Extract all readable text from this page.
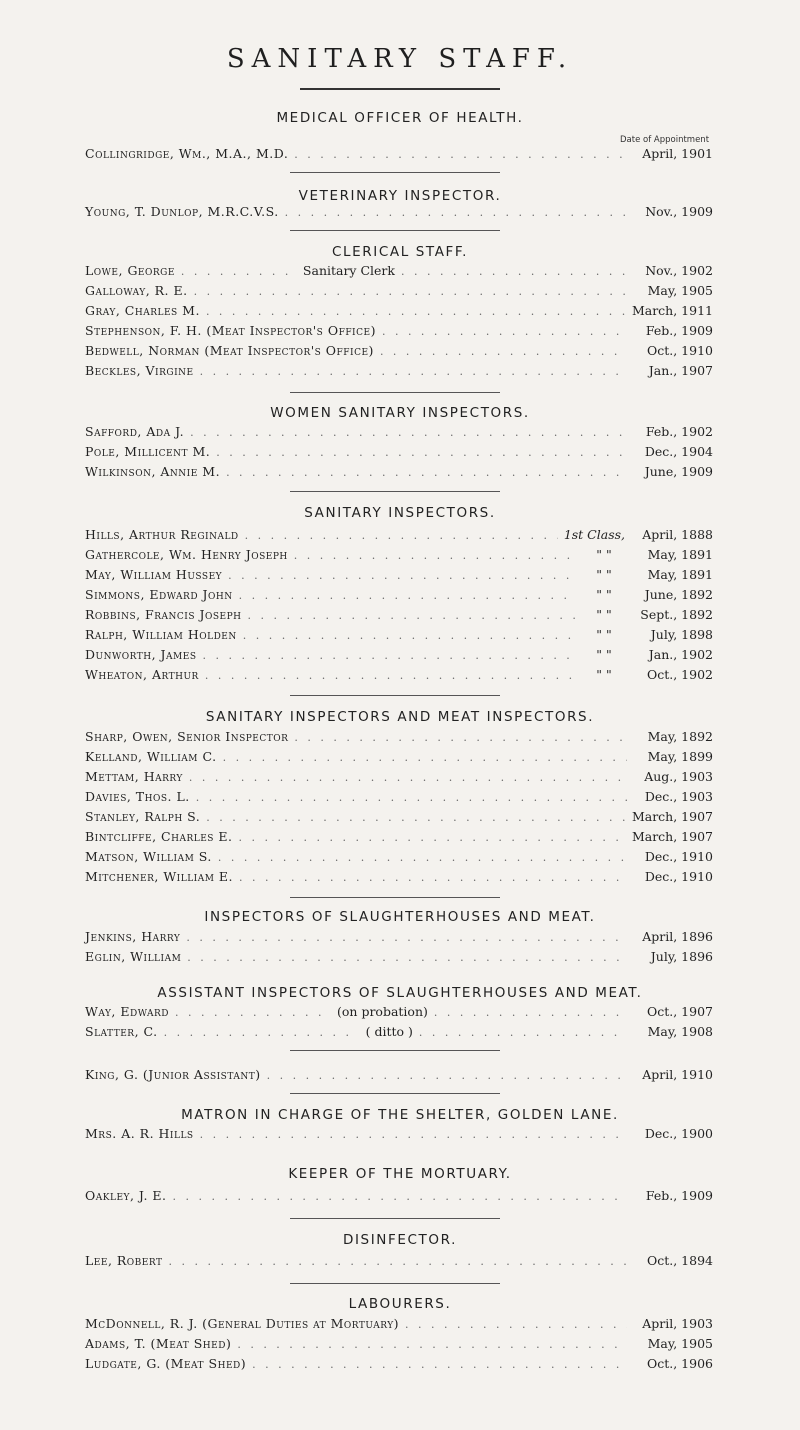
SANITARY STAFF.
Date of Appointment
MEDICAL OFFICER OF HEALTH.
Collingridge, Wm., M.A., M.D. . . .	April, 1901
VETERINARY INSPECTOR.
Young, T. Dunlop, M.R.C.V.S. . . .	Nov., 1909
CLERICAL STAFF.
Lowe, George . . .	Sanitary Clerk . . .	Nov., 1902
Galloway, R. E. . . .	May, 1905
Gray, Charles M. . . .	March, 1911
Stephenson, F. H. (Meat Inspector's Office) . . .	Feb., 1909
Bedwell, Norman (Meat Inspector's Office) . . .	Oct., 1910
Beckles, Virgine . . .	Jan., 1907
WOMEN SANITARY INSPECTORS.
Safford, Ada J. . . .	Feb., 1902
Pole, Millicent M. . . .	Dec., 1904
Wilkinson, Annie M. . . .	June, 1909
SANITARY INSPECTORS.
Hills, Arthur Reginald . . .	1st Class,	April, 1888
Gathercole, Wm. Henry Joseph . . .	" "	May, 1891
May, William Hussey . . .	" "	May, 1891
Simmons, Edward John . . .	" "	June, 1892
Robbins, Francis Joseph . . .	" "	Sept., 1892
Ralph, William Holden . . .	" "	July, 1898
Dunworth, James . . .	" "	Jan., 1902
Wheaton, Arthur . . .	" "	Oct., 1902
SANITARY INSPECTORS AND MEAT INSPECTORS.
Sharp, Owen, Senior Inspector . . .	May, 1892
Kelland, William C. . . .	May, 1899
Mettam, Harry . . .	Aug., 1903
Davies, Thos. L. . . .	Dec., 1903
Stanley, Ralph S. . . .	March, 1907
Bintcliffe, Charles E. . . .	March, 1907
Matson, William S. . . .	Dec., 1910
Mitchener, William E. . . .	Dec., 1910
INSPECTORS OF SLAUGHTERHOUSES AND MEAT.
Jenkins, Harry . . .	April, 1896
Eglin, William . . .	July, 1896
ASSISTANT INSPECTORS OF SLAUGHTERHOUSES AND MEAT.
Way, Edward . . .	(on probation) . . .	Oct., 1907
Slatter, C. . . .	( ditto ) . . .	May, 1908
King, G. (Junior Assistant) . . .	April, 1910
MATRON IN CHARGE OF THE SHELTER, GOLDEN LANE.
Mrs. A. R. Hills . . .	Dec., 1900
KEEPER OF THE MORTUARY.
Oakley, J. E. . . .	Feb., 1909
DISINFECTOR.
Lee, Robert . . .	Oct., 1894
LABOURERS.
McDonnell, R. J. (General Duties at Mortuary) . . .	April, 1903
Adams, T. (Meat Shed) . . .	May, 1905
Ludgate, G. (Meat Shed) . . .	Oct., 1906
